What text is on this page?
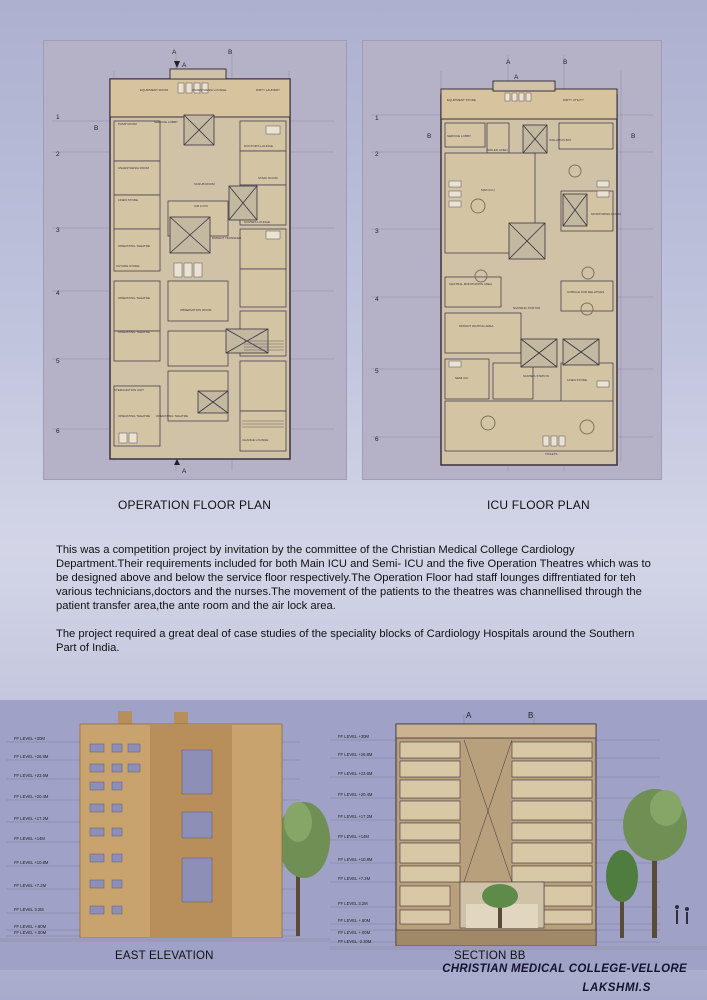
ANAESTHESIA LOUNGE	DIRTY LAUNDRY
EQUIPMENT ROOM
SERVICE LOBBY
PUMP ROOM
DOCTOR'S LOUNGE
ANAESTHESIA ROOM
SCRUB ROOM
STAFF ROOM
LINEN STORE
AIR LOCK
NURSES LOUNGE
OPERATING THEATRE
PATIENT TRANSFER
SUTURE STORE
OBSERVATION ROOM
STERILIZATION UNIT
CHANGE LOUNGE
OPERATING THEATRE
OPERATING THEATRE
OPERATING THEATRE OPERATING THEATRE
1
2
3
4
5
6
A	B
B
A
A
EQUIPMENT STORE	DIRTY UTILITY
SERVICE LOBBY
SOILED LINEN
ISOLATION BAY
MAIN ICU
MONITORING ROOM
CENTRAL MONITORING AREA
NURSING STATION
CUBICLE FOR RELATIVES
PATIENT WAITING AREA
SEMI ICU	NURSES STATION
LINEN STORE
TOILETS
1
2
3
4
5
6
A	B
B	B
A
OPERATION FLOOR PLAN	ICU FLOOR PLAN

This was a competition project by invitation by the committee of the Christian Medical College Cardiology Department.Their requirements included for both Main ICU and Semi- ICU and the five Operation Theatres which was to be designed above and below the service floor respectively.The Operation Floor had staff lounges diffrentiated for teh various technicians,doctors and the nurses.The movement of the patients to the theatres was channellised through the patient transfer area,the ante room and the air lock area.

The project required a great deal of case studies of the speciality blocks of Cardiology Hospitals around the Southern Part of India.

FF LEVEL +30M
FF LEVEL +26.8M
FF LEVEL +23.6M
FF LEVEL +20.4M
FF LEVEL +17.2M
FF LEVEL +14M
FF LEVEL +10.8M
FF LEVEL +7.2M
FF LEVEL 3.2M
FF LEVEL +.80M
FF LEVEL +.00M
EAST ELEVATION
A	B
FF LEVEL +30M
FF LEVEL +26.8M
FF LEVEL +23.6M
FF LEVEL +20.4M
FF LEVEL +17.2M
FF LEVEL +14M
FF LEVEL +10.8M
FF LEVEL +7.2M
FF LEVEL 3.2M
FF LEVEL +.80M
FF LEVEL +.00M
FF LEVEL -2.30M
SECTION BB
CHRISTIAN MEDICAL COLLEGE-VELLORE
LAKSHMI.S
